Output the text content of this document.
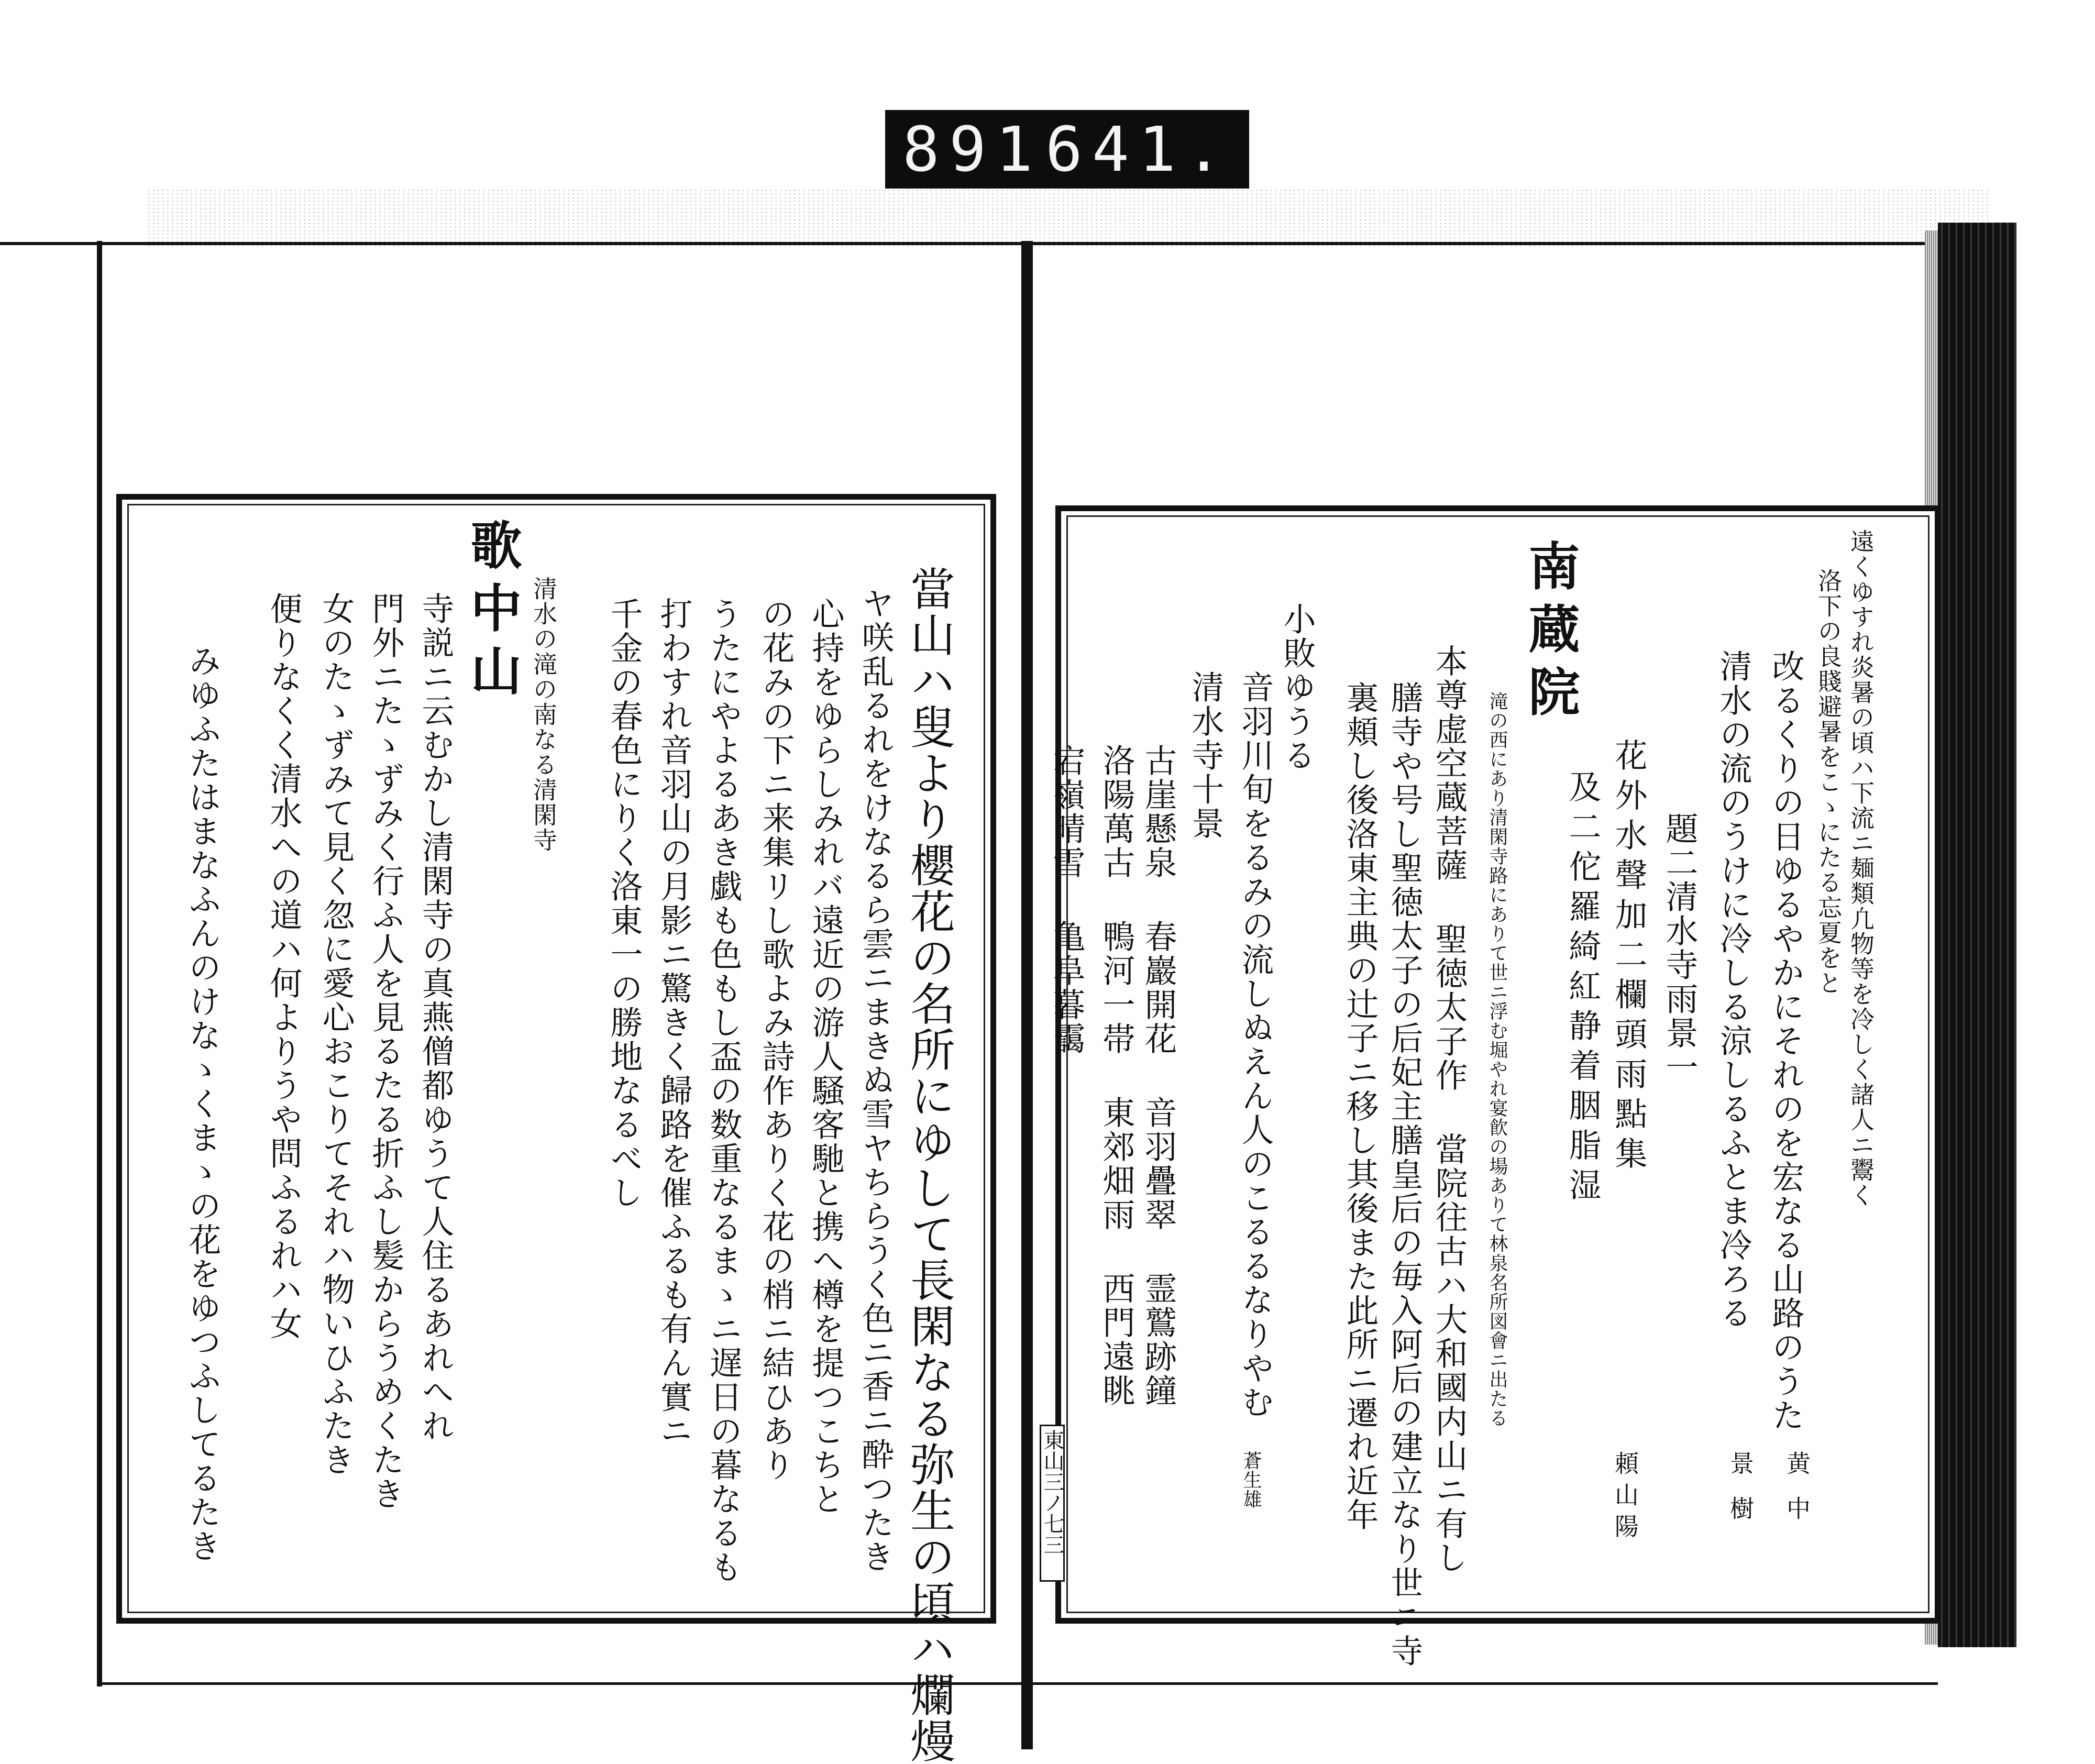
891 641.
東山三ノ七三
遠くゆすれ炎暑の頃ハ下流ニ麺類凢物等を冷しく諸人ニ鬻く
洛下の良賤避暑をこゝにたる忘夏をと
改るくりの日ゆるやかにそれのを宏なる山路のうた
清水の流のうけに冷しる涼しるふとま冷ろる
黄中
景樹
題二清水寺雨景一
頼山陽
花外水聲加二欄頭雨點集
及二佗羅綺紅静着胭脂湿
南蔵院
滝の西にあり清閑寺路にありて世ニ浮む堀やれ宴飮の場ありて林泉名所図會ニ出たる
本尊虚空蔵菩薩 聖徳太子作 當院往古ハ大和國内山ニ有し
膳寺や号し聖徳太子の后妃主膳皇后の毎入阿后の建立なり世ニ寺
裏頬し後洛東主典の辻子ニ移し其後また此所ニ遷れ近年
小敗ゆうる
音羽川旬をるみの流しぬえん人のこるるなりやむ
蒼生雄
清水寺十景
古崖懸泉 春巖開花 音羽疊翠 霊鷲跡鐘
洛陽萬古 鴨河一帯 東郊畑雨 西門遠眺
宕嶺晴雪 亀阜暮靄
當山ハ叟より櫻花の名所にゆして長閑なる弥生の頃ハ爛熳
ヤ咲乱るれをけなるら雲ニまきぬ雪ヤちらうく色ニ香ニ酔つたき
心持をゆらしみれバ遠近の游人騒客馳と携へ樽を提つこちと
の花みの下ニ来集リし歌よみ詩作ありく花の梢ニ結ひあり
うたにやよるあき戯も色もし盃の数重なるまゝニ遅日の暮なるも
打わすれ音羽山の月影ニ驚きく歸路を催ふるも有ん實ニ
千金の春色にりく洛東一の勝地なるべし
清水の滝の南なる清閑寺
歌中山
寺説ニ云むかし清閑寺の真燕僧都ゆうて人住るあれへれ
門外ニたゝずみく行ふ人を見るたる折ふし髪からうめくたき
女のたゝずみて見く忽に愛心おこりてそれハ物いひふたき
便りなくく清水への道ハ何よりうや問ふるれハ女
みゆふたはまなふんのけなゝくまゝの花をゆつふしてるたき
